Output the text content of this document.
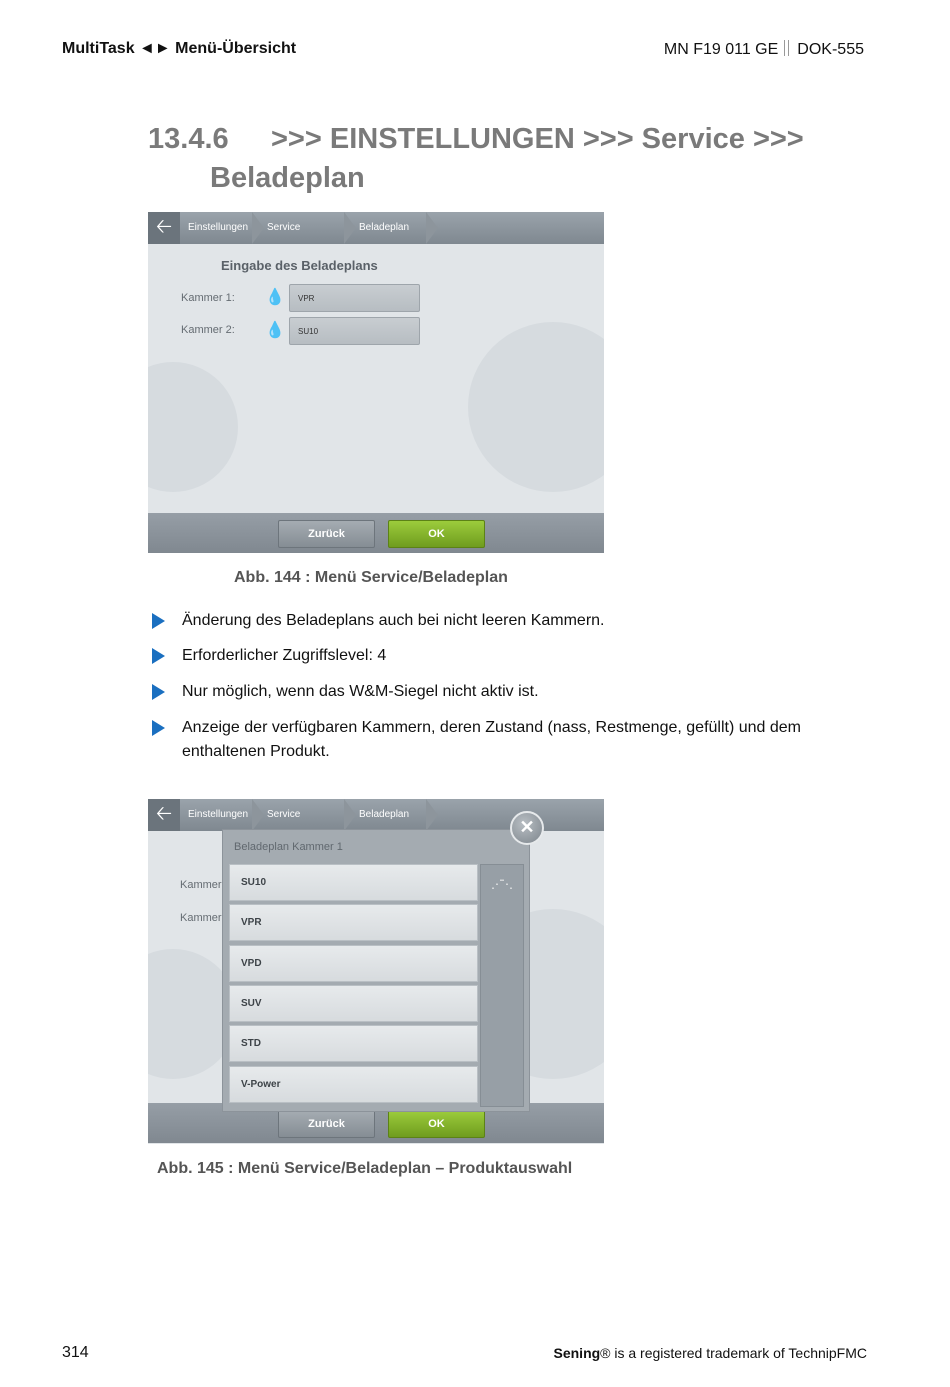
MultiTask ◄► Menü-Übersicht	MN F19 011 GE DOK-555
13.4.6 >>> EINSTELLUNGEN >>> Service >>>
Beladeplan
🡠	Einstellungen Service	Beladeplan
Eingabe des Beladeplans
Kammer 1: 💧	VPR
Kammer 2: 💧	SU10
Zurück	OK
Abb. 144 : Menü Service/Beladeplan
Änderung des Beladeplans auch bei nicht leeren Kammern.
Erforderlicher Zugriffslevel: 4
Nur möglich, wenn das W&M-Siegel nicht aktiv ist.
Anzeige der verfügbaren Kammern, deren Zustand (nass, Restmenge, gefüllt) und dem enthaltenen Produkt.
🡠	Einstellungen Service	Beladeplan
Kammer
Kammer
Zurück	OK
Beladeplan Kammer 1
SU10
VPR
VPD
SUV
STD
V-Power
⋰⋱
✕
Abb. 145 : Menü Service/Beladeplan – Produktauswahl
314	Sening® is a registered trademark of TechnipFMC
